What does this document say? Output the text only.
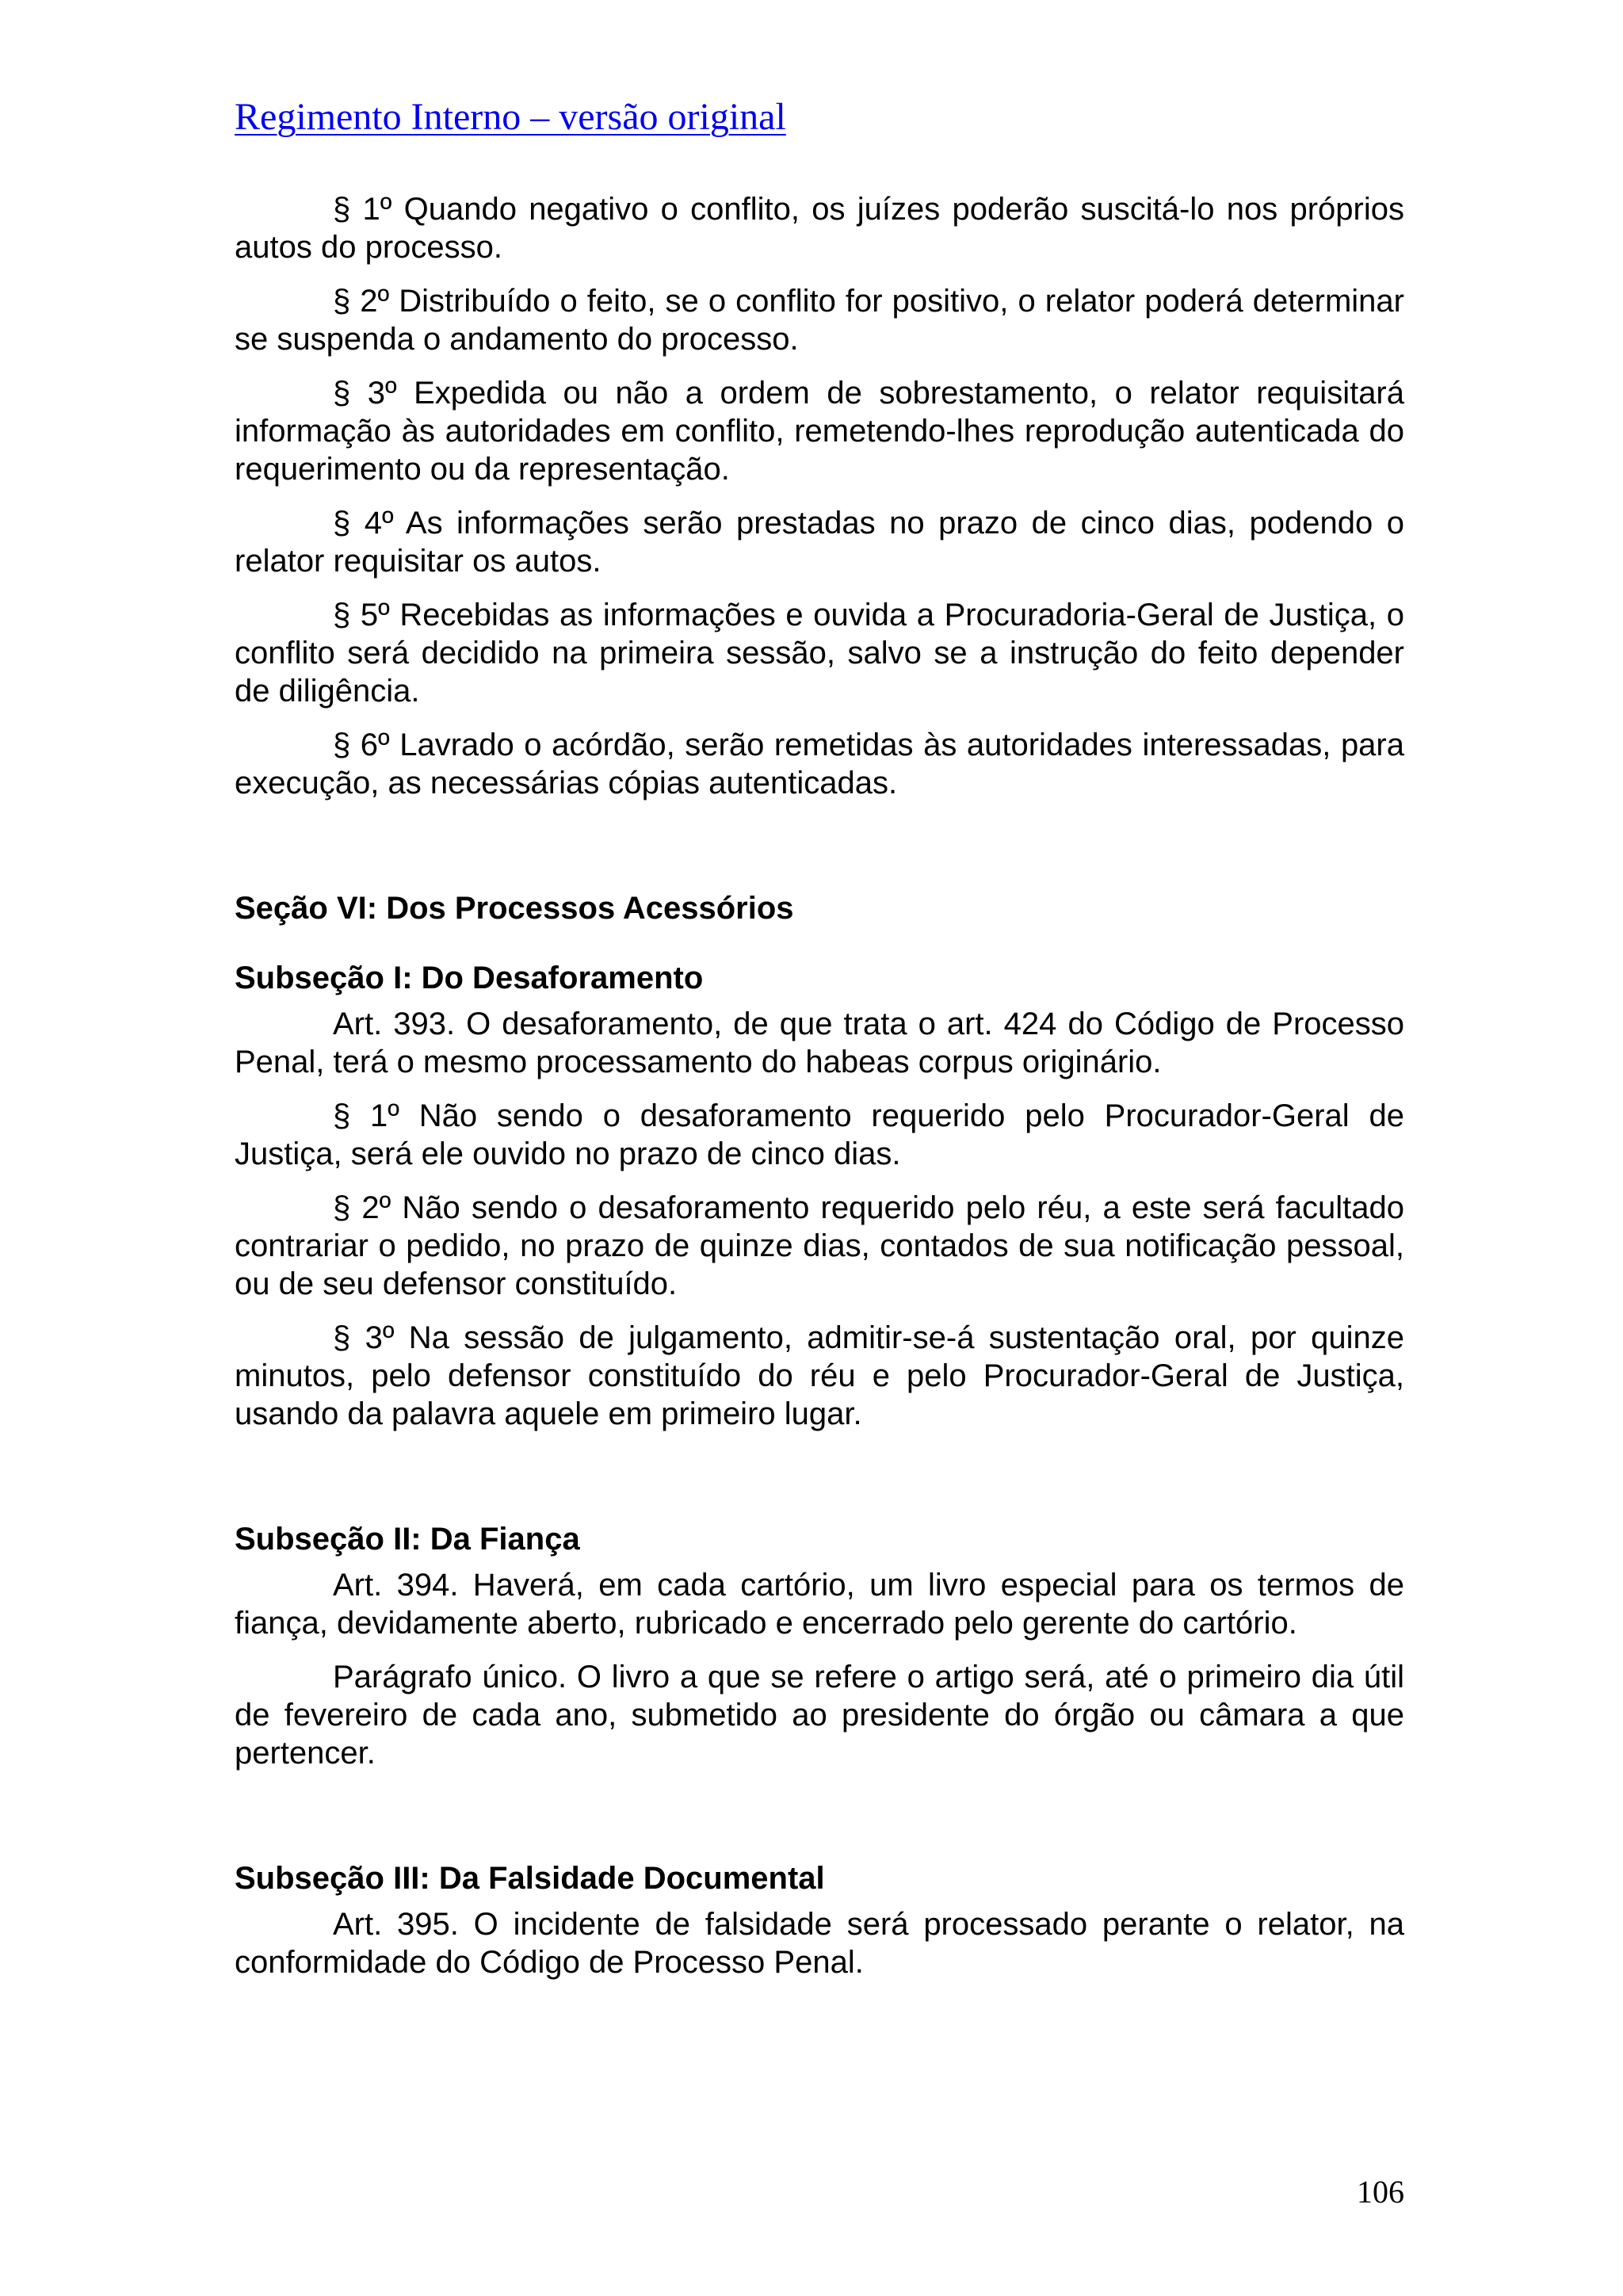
Regimento Interno – versão original

§ 1º Quando negativo o conflito, os juízes poderão suscitá-lo nos próprios autos do processo.

§ 2º Distribuído o feito, se o conflito for positivo, o relator poderá determinar se suspenda o andamento do processo.

§ 3º Expedida ou não a ordem de sobrestamento, o relator requisitará informação às autoridades em conflito, remetendo-lhes reprodução autenticada do requerimento ou da representação.

§ 4º As informações serão prestadas no prazo de cinco dias, podendo o relator requisitar os autos.

§ 5º Recebidas as informações e ouvida a Procuradoria-Geral de Justiça, o conflito será decidido na primeira sessão, salvo se a instrução do feito depender de diligência.

§ 6º Lavrado o acórdão, serão remetidas às autoridades interessadas, para execução, as necessárias cópias autenticadas.

Seção VI: Dos Processos Acessórios

Subseção I: Do Desaforamento

Art. 393. O desaforamento, de que trata o art. 424 do Código de Processo Penal, terá o mesmo processamento do habeas corpus originário.

§ 1º Não sendo o desaforamento requerido pelo Procurador-Geral de Justiça, será ele ouvido no prazo de cinco dias.

§ 2º Não sendo o desaforamento requerido pelo réu, a este será facultado contrariar o pedido, no prazo de quinze dias, contados de sua notificação pessoal, ou de seu defensor constituído.

§ 3º Na sessão de julgamento, admitir-se-á sustentação oral, por quinze minutos, pelo defensor constituído do réu e pelo Procurador-Geral de Justiça, usando da palavra aquele em primeiro lugar.

Subseção II: Da Fiança

Art. 394. Haverá, em cada cartório, um livro especial para os termos de fiança, devidamente aberto, rubricado e encerrado pelo gerente do cartório.

Parágrafo único. O livro a que se refere o artigo será, até o primeiro dia útil de fevereiro de cada ano, submetido ao presidente do órgão ou câmara a que pertencer.

Subseção III: Da Falsidade Documental

Art. 395. O incidente de falsidade será processado perante o relator, na conformidade do Código de Processo Penal.

106
